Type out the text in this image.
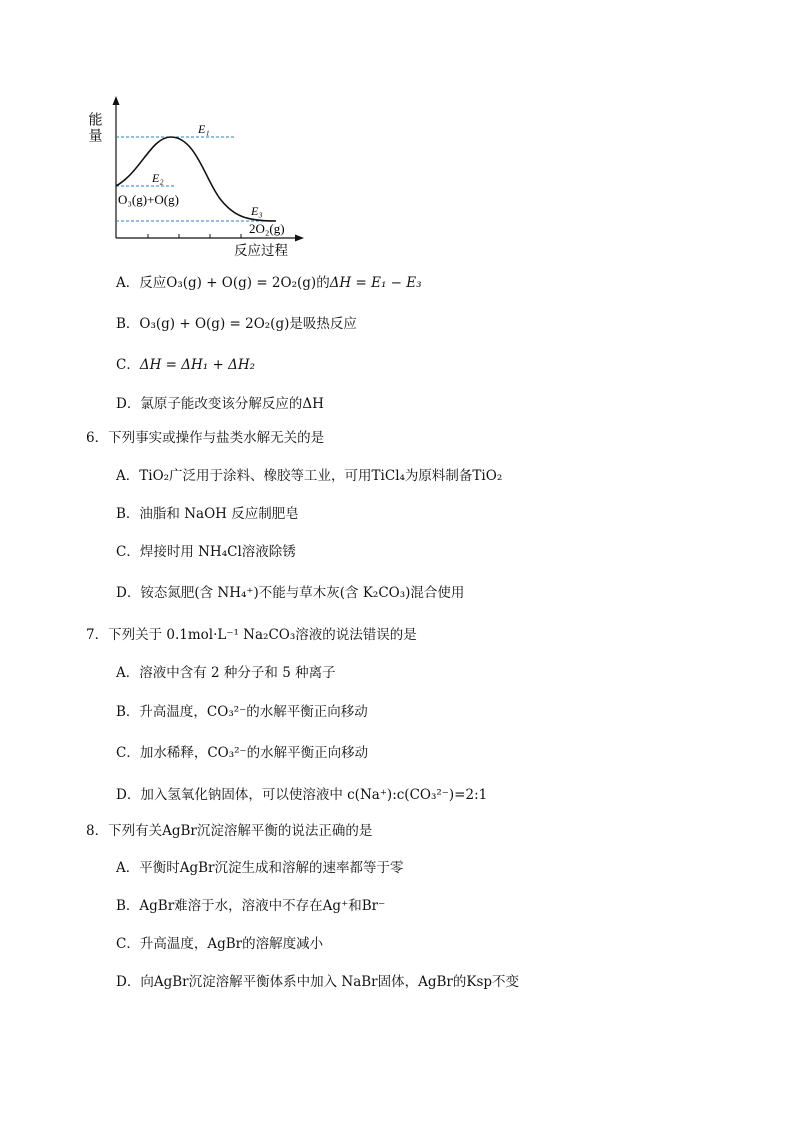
能量	E₁
E₂
E₃
O₃(g)+O(g)
2O₂(g)
反应过程
A．反应O₃(g) + O(g) = 2O₂(g)的ΔH = E₁ − E₃
B．O₃(g) + O(g) = 2O₂(g)是吸热反应
C．ΔH = ΔH₁ + ΔH₂
D．氯原子能改变该分解反应的ΔH
6．下列事实或操作与盐类水解无关的是
A．TiO₂广泛用于涂料、橡胶等工业，可用TiCl₄为原料制备TiO₂
B．油脂和 NaOH 反应制肥皂
C．焊接时用 NH₄Cl溶液除锈
D．铵态氮肥(含 NH₄⁺)不能与草木灰(含 K₂CO₃)混合使用
7．下列关于 0.1mol·L⁻¹ Na₂CO₃溶液的说法错误的是
A．溶液中含有 2 种分子和 5 种离子
B．升高温度，CO₃²⁻的水解平衡正向移动
C．加水稀释，CO₃²⁻的水解平衡正向移动
D．加入氢氧化钠固体，可以使溶液中 c(Na⁺):c(CO₃²⁻)=2:1
8．下列有关AgBr沉淀溶解平衡的说法正确的是
A．平衡时AgBr沉淀生成和溶解的速率都等于零
B．AgBr难溶于水，溶液中不存在Ag⁺和Br⁻
C．升高温度，AgBr的溶解度减小
D．向AgBr沉淀溶解平衡体系中加入 NaBr固体，AgBr的Ksp不变
